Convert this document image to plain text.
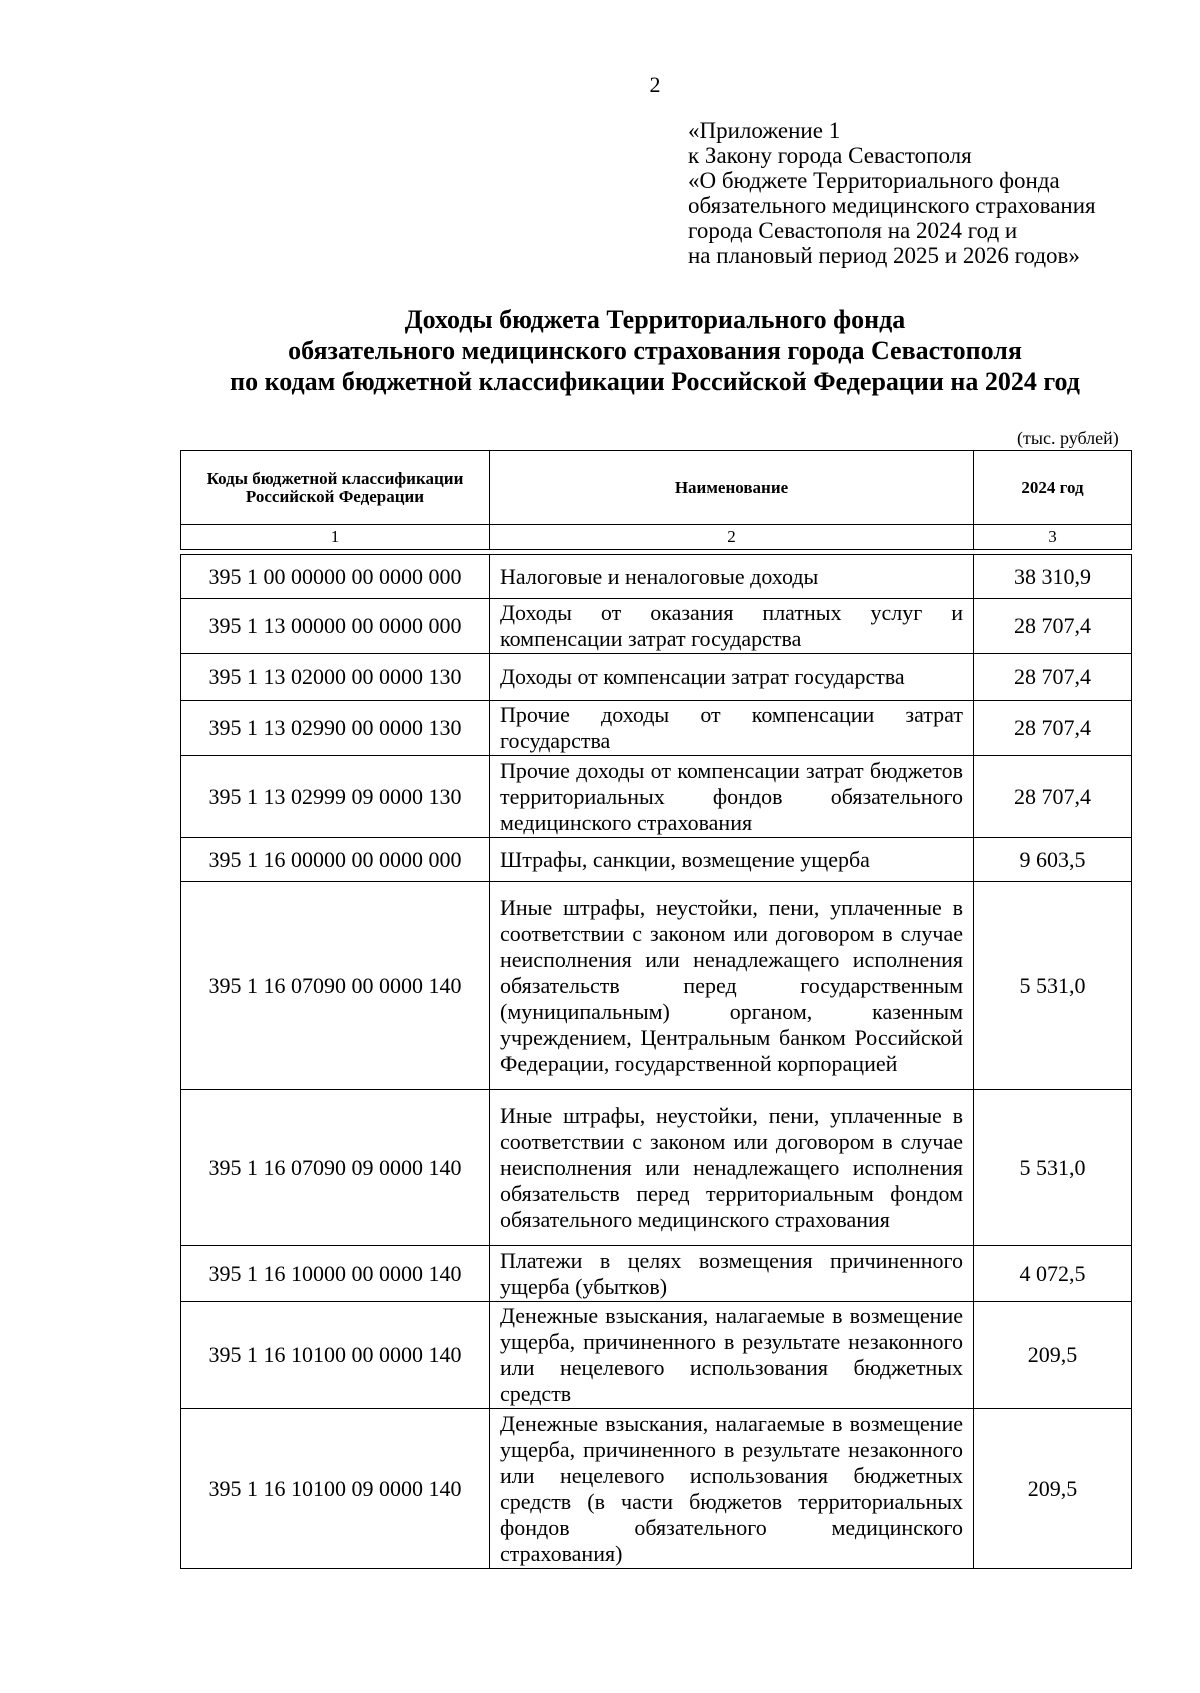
2
«Приложение 1
к Закону города Севастополя
«О бюджете Территориального фонда
обязательного медицинского страхования
города Севастополя на 2024 год и
на плановый период 2025 и 2026 годов»
Доходы бюджета Территориального фонда
обязательного медицинского страхования города Севастополя
по кодам бюджетной классификации Российской Федерации на 2024 год
(тыс. рублей)
Коды бюджетной классификации Российской Федерации	Наименование	2024 год
1	2	3

395 1 00 00000 00 0000 000	Налоговые и неналоговые доходы	38 310,9
395 1 13 00000 00 0000 000	Доходы от оказания платных услуг и компенсации затрат государства	28 707,4
395 1 13 02000 00 0000 130	Доходы от компенсации затрат государства	28 707,4
395 1 13 02990 00 0000 130	Прочие доходы от компенсации затрат государства	28 707,4
395 1 13 02999 09 0000 130	Прочие доходы от компенсации затрат бюджетов территориальных фондов обязательного медицинского страхования	28 707,4
395 1 16 00000 00 0000 000	Штрафы, санкции, возмещение ущерба	9 603,5
395 1 16 07090 00 0000 140	Иные штрафы, неустойки, пени, уплаченные в соответствии с законом или договором в случае неисполнения или ненадлежащего исполнения обязательств перед государственным (муниципальным) органом, казенным учреждением, Центральным банком Российской Федерации, государственной корпорацией	5 531,0
395 1 16 07090 09 0000 140	Иные штрафы, неустойки, пени, уплаченные в соответствии с законом или договором в случае неисполнения или ненадлежащего исполнения обязательств перед территориальным фондом обязательного медицинского страхования	5 531,0
395 1 16 10000 00 0000 140	Платежи в целях возмещения причиненного ущерба (убытков)	4 072,5
395 1 16 10100 00 0000 140	Денежные взыскания, налагаемые в возмещение ущерба, причиненного в результате незаконного или нецелевого использования бюджетных средств	209,5
395 1 16 10100 09 0000 140	Денежные взыскания, налагаемые в возмещение ущерба, причиненного в результате незаконного или нецелевого использования бюджетных средств (в части бюджетов территориальных фондов обязательного медицинского страхования)	209,5
